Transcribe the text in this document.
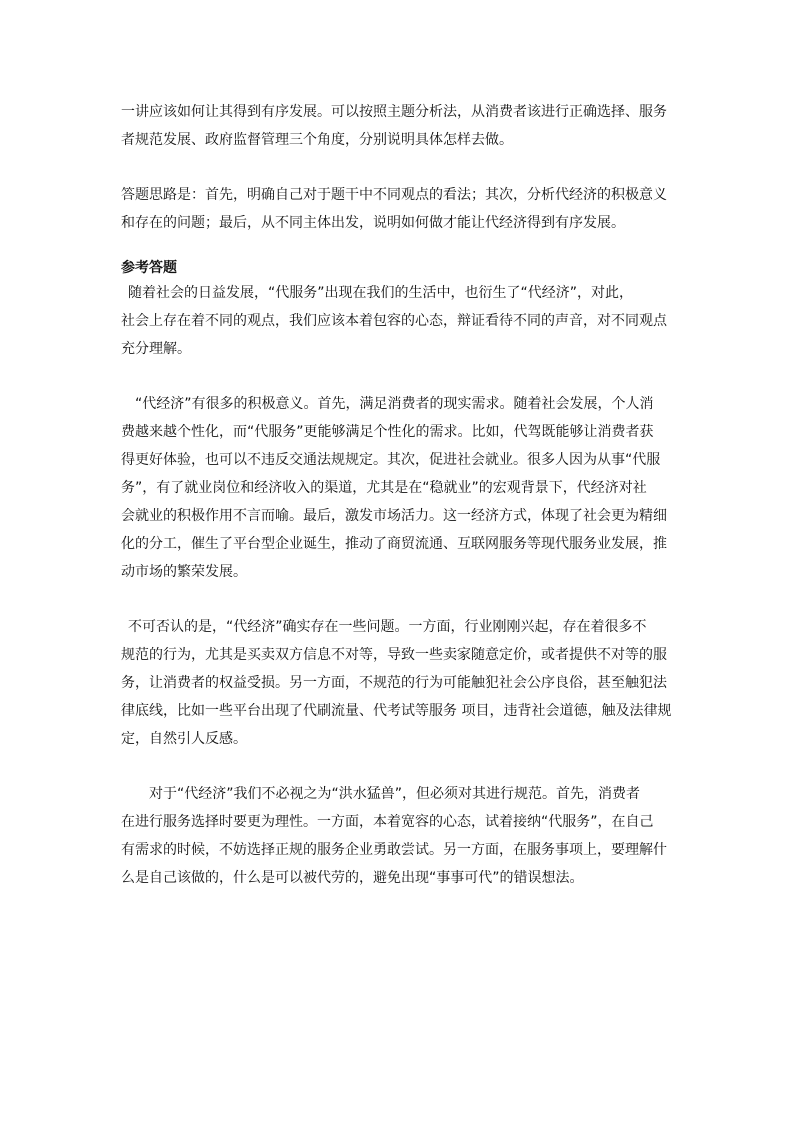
一讲应该如何让其得到有序发展。可以按照主题分析法，从消费者该进行正确选择、服务
者规范发展、政府监督管理三个角度，分别说明具体怎样去做。
答题思路是：首先，明确自己对于题干中不同观点的看法；其次，分析代经济的积极意义
和存在的问题；最后，从不同主体出发，说明如何做才能让代经济得到有序发展。
参考答题
随着社会的日益发展，“代服务”出现在我们的生活中，也衍生了“代经济”，对此，
社会上存在着不同的观点，我们应该本着包容的心态，辩证看待不同的声音，对不同观点
充分理解。
“代经济”有很多的积极意义。首先，满足消费者的现实需求。随着社会发展，个人消
费越来越个性化，而“代服务”更能够满足个性化的需求。比如，代驾既能够让消费者获
得更好体验，也可以不违反交通法规规定。其次，促进社会就业。很多人因为从事“代服
务”，有了就业岗位和经济收入的渠道，尤其是在“稳就业”的宏观背景下，代经济对社
会就业的积极作用不言而喻。最后，激发市场活力。这一经济方式，体现了社会更为精细
化的分工，催生了平台型企业诞生，推动了商贸流通、互联网服务等现代服务业发展，推
动市场的繁荣发展。
不可否认的是，“代经济”确实存在一些问题。一方面，行业刚刚兴起，存在着很多不
规范的行为，尤其是买卖双方信息不对等，导致一些卖家随意定价，或者提供不对等的服
务，让消费者的权益受损。另一方面，不规范的行为可能触犯社会公序良俗，甚至触犯法
律底线，比如一些平台出现了代刷流量、代考试等服务 项目，违背社会道德，触及法律规
定，自然引人反感。
对于“代经济”我们不必视之为“洪水猛兽”，但必须对其进行规范。首先，消费者
在进行服务选择时要更为理性。一方面，本着宽容的心态，试着接纳“代服务”，在自己
有需求的时候，不妨选择正规的服务企业勇敢尝试。另一方面，在服务事项上，要理解什
么是自己该做的，什么是可以被代劳的，避免出现“事事可代”的错误想法。
